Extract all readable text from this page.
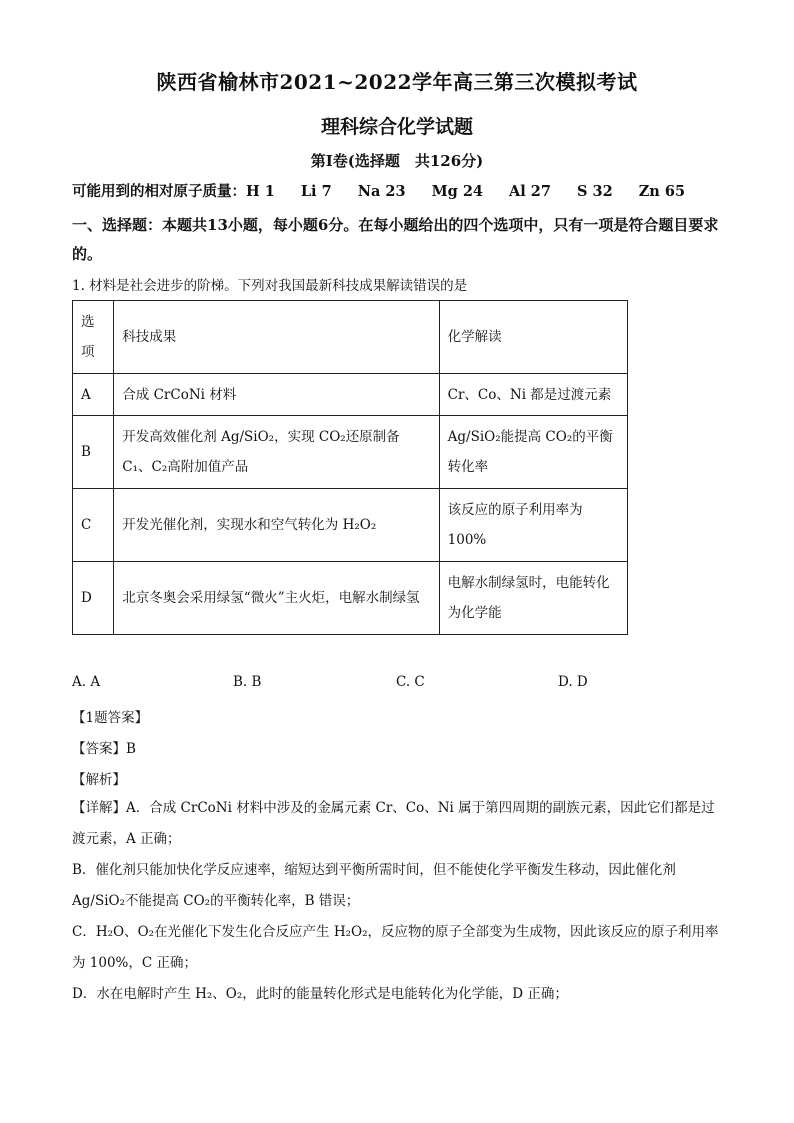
陕西省榆林市2021~2022学年高三第三次模拟考试
理科综合化学试题
第Ⅰ卷(选择题　共126分)
可能用到的相对原子质量：H 1 Li 7 Na 23 Mg 24 Al 27 S 32 Zn 65
一、选择题：本题共13小题，每小题6分。在每小题给出的四个选项中，只有一项是符合题目要求的。
1. 材料是社会进步的阶梯。下列对我国最新科技成果解读错误的是
选项	科技成果	化学解读
A	合成 CrCoNi 材料	Cr、Co、Ni 都是过渡元素
B	开发高效催化剂 Ag/SiO₂，实现 CO₂还原制备 C₁、C₂高附加值产品	Ag/SiO₂能提高 CO₂的平衡转化率
C	开发光催化剂，实现水和空气转化为 H₂O₂	该反应的原子利用率为 100%
D	北京冬奥会采用绿氢“微火”主火炬，电解水制绿氢	电解水制绿氢时，电能转化为化学能
A. A	B. B	C. C	D. D
【1题答案】
【答案】B
【解析】
【详解】A．合成 CrCoNi 材料中涉及的金属元素 Cr、Co、Ni 属于第四周期的副族元素，因此它们都是过渡元素，A 正确；
B．催化剂只能加快化学反应速率，缩短达到平衡所需时间，但不能使化学平衡发生移动，因此催化剂 Ag/SiO₂不能提高 CO₂的平衡转化率，B 错误；
C．H₂O、O₂在光催化下发生化合反应产生 H₂O₂，反应物的原子全部变为生成物，因此该反应的原子利用率为 100%，C 正确；
D．水在电解时产生 H₂、O₂，此时的能量转化形式是电能转化为化学能，D 正确；
